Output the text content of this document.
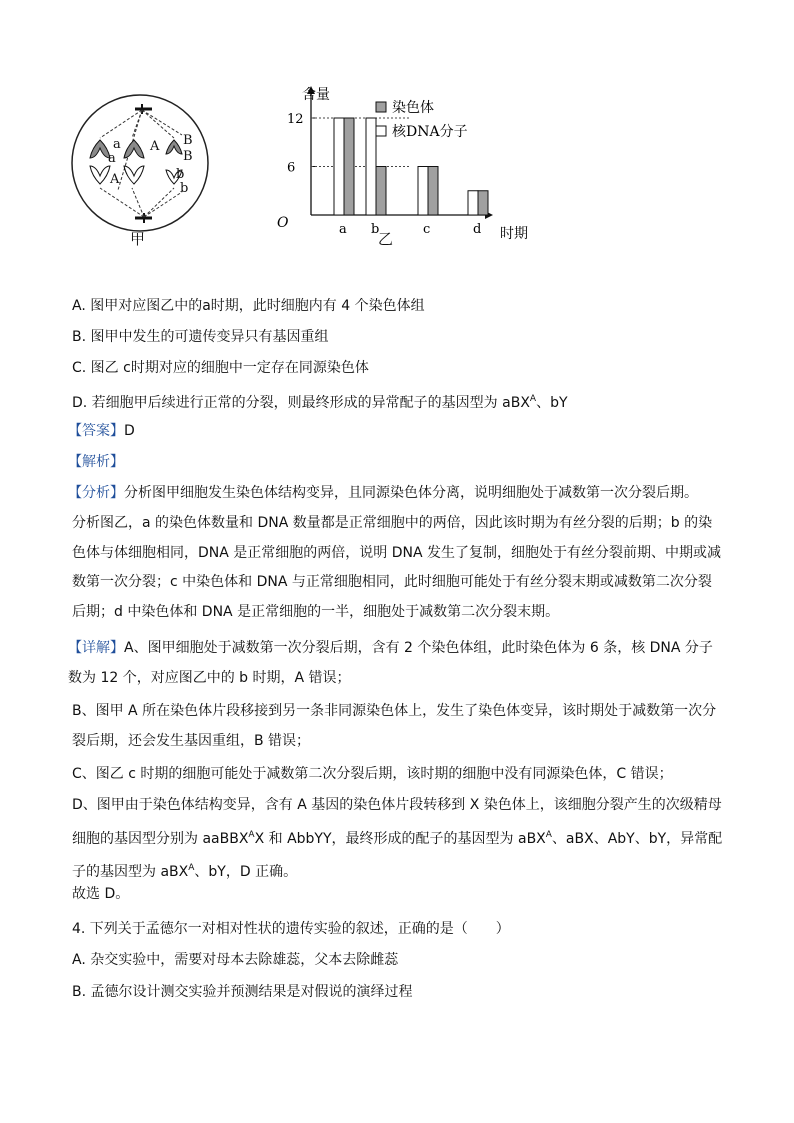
a
a
A B
B
A	b
b
含量
时期
O
6
12
a b	c	d
染色体
核DNA分子
甲	乙
A. 图甲对应图乙中的a时期，此时细胞内有 4 个染色体组
B. 图甲中发生的可遗传变异只有基因重组
C. 图乙 c时期对应的细胞中一定存在同源染色体
D. 若细胞甲后续进行正常的分裂，则最终形成的异常配子的基因型为 aBX$^A$、bY
【答案】D
【解析】
【分析】分析图甲细胞发生染色体结构变异，且同源染色体分离，说明细胞处于减数第一次分裂后期。
分析图乙，a 的染色体数量和 DNA 数量都是正常细胞中的两倍，因此该时期为有丝分裂的后期；b 的染色体与体细胞相同，DNA 是正常细胞的两倍，说明 DNA 发生了复制，细胞处于有丝分裂前期、中期或减数第一次分裂；c 中染色体和 DNA 与正常细胞相同，此时细胞可能处于有丝分裂末期或减数第二次分裂后期；d 中染色体和 DNA 是正常细胞的一半，细胞处于减数第二次分裂末期。
【详解】A、图甲细胞处于减数第一次分裂后期，含有 2 个染色体组，此时染色体为 6 条，核 DNA 分子数为 12 个，对应图乙中的 b 时期，A 错误；
B、图甲 A 所在染色体片段移接到另一条非同源染色体上，发生了染色体变异，该时期处于减数第一次分裂后期，还会发生基因重组，B 错误；
C、图乙 c 时期的细胞可能处于减数第二次分裂后期，该时期的细胞中没有同源染色体，C 错误；
D、图甲由于染色体结构变异，含有 A 基因的染色体片段转移到 X 染色体上，该细胞分裂产生的次级精母细胞的基因型分别为 aaBBX$^A$X 和 AbbYY，最终形成的配子的基因型为 aBX$^A$、aBX、AbY、bY，异常配子的基因型为 aBX$^A$、bY，D 正确。
故选 D。
4. 下列关于孟德尔一对相对性状的遗传实验的叙述，正确的是（　　）
A. 杂交实验中，需要对母本去除雄蕊，父本去除雌蕊
B. 孟德尔设计测交实验并预测结果是对假说的演绎过程
